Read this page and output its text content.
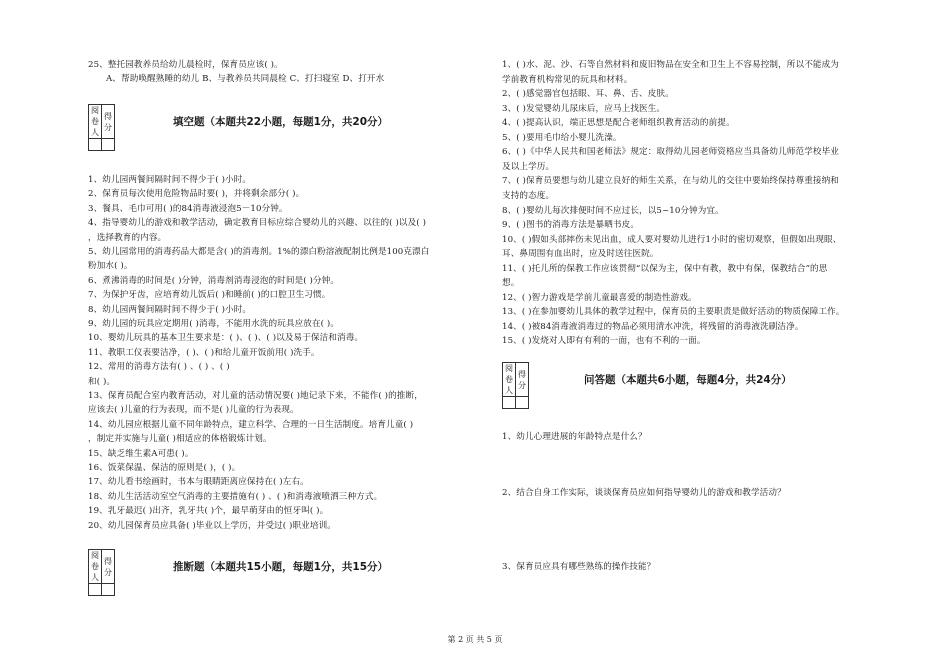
25、整托园教养员给幼儿晨检时，保育员应该( )。
A、帮助唤醒熟睡的幼儿 B、与教养员共同晨检 C、打扫寝室 D、打开水
阅卷人	得分
		填空题（本题共22小题，每题1分，共20分）
1、幼儿园两餐间隔时间不得少于( )小时。
2、保育员每次使用危险物品时要( )，并将剩余部分( )。
3、餐具、毛巾可用( )的84消毒液浸泡5－10分钟。
4、指导婴幼儿的游戏和教学活动，确定教育目标应综合婴幼儿的兴趣、以往的( )以及( )
，选择教育的内容。
5、幼儿园常用的消毒药品大都是含( )的消毒剂。1%的漂白粉溶液配制比例是100克漂白
粉加水( )。
6、煮沸消毒的时间是( )分钟，消毒剂消毒浸泡的时间是( )分钟。
7、为保护牙齿，应培育幼儿饭后( )和睡前( )的口腔卫生习惯。
8、幼儿园两餐间隔时间不得少于( )小时。
9、幼儿园的玩具应定期用( )消毒，不能用水洗的玩具应放在( )。
10、婴幼儿玩具的基本卫生要求是：( )、( )、( )以及易于保洁和消毒。
11、教职工仪表要洁净，( )、( )和给儿童开饭前用( )洗手。
12、常用的消毒方法有( ) 、( ) 、( )
和( )。
13、保育员配合室内教育活动，对儿童的活动情况要( )地记录下来，不能作( )的推断，
应该去( )儿童的行为表现，而不是( )儿童的行为表现。
14、幼儿园应根据儿童不同年龄特点，建立科学、合理的一日生活制度。培育儿童( )
，制定并实施与儿童( )相适应的体格锻炼计划。
15、缺乏维生素A可患( )。
16、饭菜保温、保洁的原则是( )，( )。
17、幼儿看书绘画时，书本与眼睛距离应保持在( )左右。
18、幼儿生活活动室空气消毒的主要措施有( ) 、( )和消毒液喷洒三种方式。
19、乳牙最迟( )出齐，乳牙共( )个，最早萌芽由的恒牙叫( )。
20、幼儿园保育员应具备( )毕业以上学历，并受过( )职业培训。
阅卷人	得分
		推断题（本题共15小题，每题1分，共15分）
1、( )水、泥、沙、石等自然材料和废旧物品在安全和卫生上不容易控制，所以不能成为
学前教育机构常见的玩具和材料。
2、( )感觉器官包括眼、耳、鼻、舌、皮肤。
3、( )发觉婴幼儿尿床后，应马上找医生。
4、( )提高认识，端正思想是配合老师组织教育活动的前提。
5、( )要用毛巾给小婴儿洗澡。
6、( )《中华人民共和国老师法》规定：取得幼儿园老师资格应当具备幼儿师范学校毕业
及以上学历。
7、( )保育员要想与幼儿建立良好的师生关系，在与幼儿的交往中要始终保持尊重接纳和
支持的态度。
8、( )婴幼儿每次排便时间不应过长，以5~10分钟为宜。
9、( )图书的消毒方法是暴晒书皮。
10、( )假如头部摔伤未见出血，成人要对婴幼儿进行1小时的密切观察，但假如出现眼、
耳、鼻周围有血出时，应及时送往医院。
11、( )托儿所的保教工作应该贯彻“以保为主，保中有教，教中有保，保教结合”的思
想。
12、( )智力游戏是学前儿童最喜爱的制造性游戏。
13、( )在参加婴幼儿具体的教学过程中，保育员的主要职责是做好活动的物质保障工作。
14、( )被84消毒液消毒过的物品必须用清水冲洗，将残留的消毒液洗刷洁净。
15、( )发烧对人即有有利的一面，也有不利的一面。
阅卷人	得分
		问答题（本题共6小题，每题4分，共24分）
1、幼儿心理进展的年龄特点是什么？
2、结合自身工作实际，谈谈保育员应如何指导婴幼儿的游戏和教学活动？
3、保育员应具有哪些熟练的操作技能？
第 2 页 共 5 页
